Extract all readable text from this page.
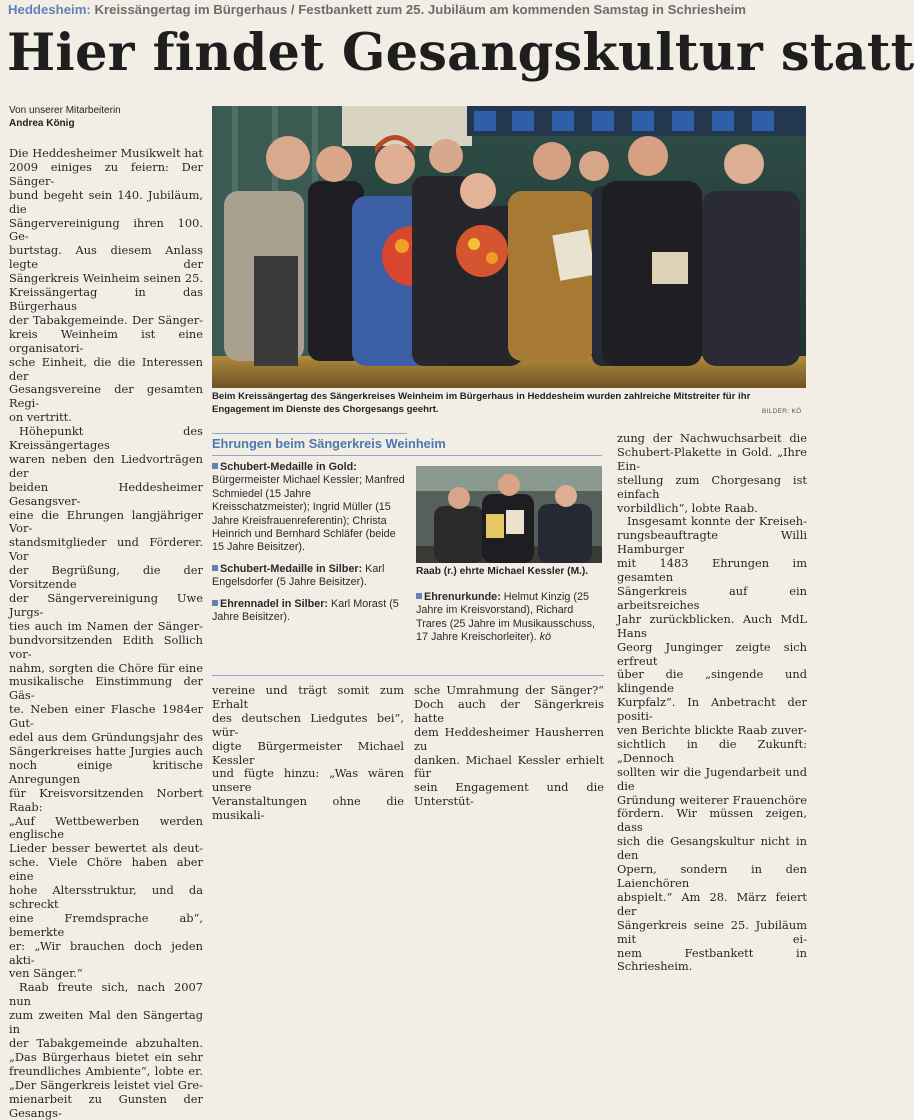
Heddesheim: Kreissängertag im Bürgerhaus / Festbankett zum 25. Jubiläum am kommenden Samstag in Schriesheim
Hier findet Gesangskultur statt
Von unserer Mitarbeiterin
Andrea König

Die Heddesheimer Musikwelt hat

2009 einiges zu feiern: Der Sänger-

bund begeht sein 140. Jubiläum, die

Sängervereinigung ihren 100. Ge-

burtstag. Aus diesem Anlass legte der

Sängerkreis Weinheim seinen 25.

Kreissängertag in das Bürgerhaus

der Tabakgemeinde. Der Sänger-

kreis Weinheim ist eine organisatori-

sche Einheit, die die Interessen der

Gesangsvereine der gesamten Regi-

on vertritt.

Höhepunkt des Kreissängertages

waren neben den Liedvorträgen der

beiden Heddesheimer Gesangsver-

eine die Ehrungen langjähriger Vor-

standsmitglieder und Förderer. Vor

der Begrüßung, die der Vorsitzende

der Sängervereinigung Uwe Jurgs-

ties auch im Namen der Sänger-

bundvorsitzenden Edith Sollich vor-

nahm, sorgten die Chöre für eine

musikalische Einstimmung der Gäs-

te. Neben einer Flasche 1984er Gut-

edel aus dem Gründungsjahr des

Sängerkreises hatte Jurgies auch

noch einige kritische Anregungen

für Kreisvorsitzenden Norbert Raab:

„Auf Wettbewerben werden englische

Lieder besser bewertet als deut-

sche. Viele Chöre haben aber eine

hohe Altersstruktur, und da schreckt

eine Fremdsprache ab“, bemerkte

er: „Wir brauchen doch jeden akti-

ven Sänger.“

Raab freute sich, nach 2007 nun

zum zweiten Mal den Sängertag in

der Tabakgemeinde abzuhalten.

„Das Bürgerhaus bietet ein sehr

freundliches Ambiente“, lobte er.

„Der Sängerkreis leistet viel Gre-

mienarbeit zu Gunsten der Gesangs-

Beim Kreissängertag des Sängerkreises Weinheim im Bürgerhaus in Heddesheim wurden zahlreiche Mitstreiter für ihr Engagement im Dienste des Chorgesangs geehrt.	BILDER: KÖ
Ehrungen beim Sängerkreis Weinheim

Schubert-Medaille in Gold: Bürgermeister Michael Kessler; Manfred Schmiedel (15 Jahre Kreisschatzmeister); Ingrid Müller (15 Jahre Kreisfrauenreferentin); Christa Heinrich und Bernhard Schläfer (beide 15 Jahre Beisitzer).

Schubert-Medaille in Silber: Karl Engelsdorfer (5 Jahre Beisitzer).

Ehrennadel in Silber: Karl Morast (5 Jahre Beisitzer).

Raab (r.) ehrte Michael Kessler (M.).

Ehrenurkunde: Helmut Kinzig (25 Jahre im Kreisvorstand), Richard Trares (25 Jahre im Musikausschuss, 17 Jahre Kreischorleiter). kö

vereine und trägt somit zum Erhalt

des deutschen Liedgutes bei“, wür-

digte Bürgermeister Michael Kessler

und fügte hinzu: „Was wären unsere

Veranstaltungen ohne die musikali-

sche Umrahmung der Sänger?“

Doch auch der Sängerkreis hatte

dem Heddesheimer Hausherren zu

danken. Michael Kessler erhielt für

sein Engagement und die Unterstüt-

zung der Nachwuchsarbeit die

Schubert-Plakette in Gold. „Ihre Ein-

stellung zum Chorgesang ist einfach

vorbildlich“, lobte Raab.

Insgesamt konnte der Kreiseh-

rungsbeauftragte Willi Hamburger

mit 1483 Ehrungen im gesamten

Sängerkreis auf ein arbeitsreiches

Jahr zurückblicken. Auch MdL Hans

Georg Junginger zeigte sich erfreut

über die „singende und klingende

Kurpfalz“. In Anbetracht der positi-

ven Berichte blickte Raab zuver-

sichtlich in die Zukunft: „Dennoch

sollten wir die Jugendarbeit und die

Gründung weiterer Frauenchöre

fördern. Wir müssen zeigen, dass

sich die Gesangskultur nicht in den

Opern, sondern in den Laienchören

abspielt.“ Am 28. März feiert der

Sängerkreis seine 25. Jubiläum mit ei-

nem Festbankett in Schriesheim.
